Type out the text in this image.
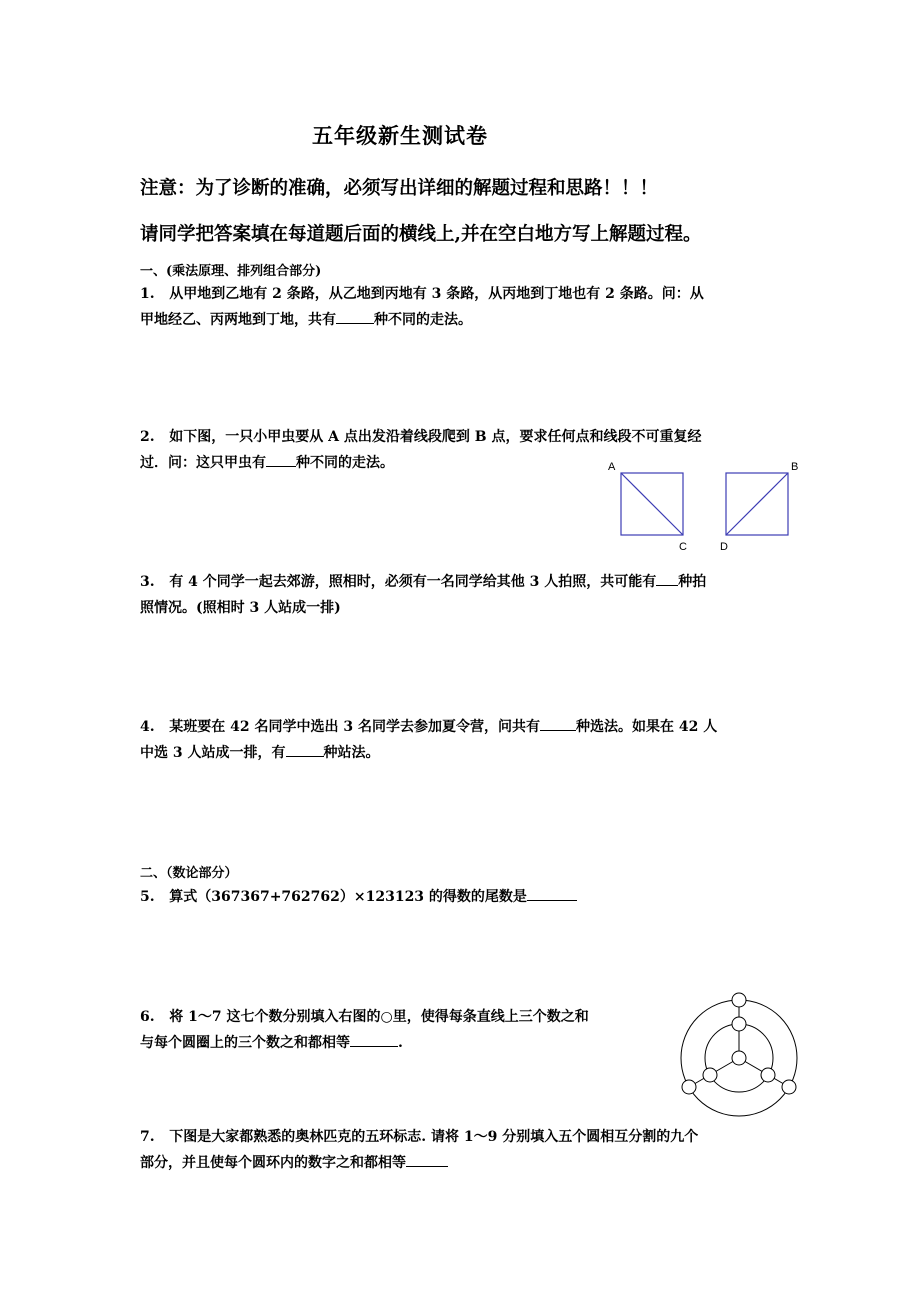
五年级新生测试卷
注意：为了诊断的准确，必须写出详细的解题过程和思路！！！
请同学把答案填在每道题后面的横线上,并在空白地方写上解题过程。
一、(乘法原理、排列组合部分)
1. 从甲地到乙地有 2 条路，从乙地到丙地有 3 条路，从丙地到丁地也有 2 条路。问：从
甲地经乙、丙两地到丁地，共有	种不同的走法。
2. 如下图，一只小甲虫要从 A 点出发沿着线段爬到 B 点，要求任何点和线段不可重复经
过．问：这只甲虫有 种不同的走法。	A	B
C	D
3. 有 4 个同学一起去郊游，照相时，必须有一名同学给其他 3 人拍照，共可能有 种拍
照情况。(照相时 3 人站成一排)
4. 某班要在 42 名同学中选出 3 名同学去参加夏令营，问共有	种选法。如果在 42 人
中选 3 人站成一排，有	种站法。
二、（数论部分）
5. 算式（367367+762762）×123123 的得数的尾数是
6. 将 1～7 这七个数分别填入右图的○里，使得每条直线上三个数之和
与每个圆圈上的三个数之和都相等	.
7. 下图是大家都熟悉的奥林匹克的五环标志. 请将 1～9 分别填入五个圆相互分割的九个
部分，并且使每个圆环内的数字之和都相等
